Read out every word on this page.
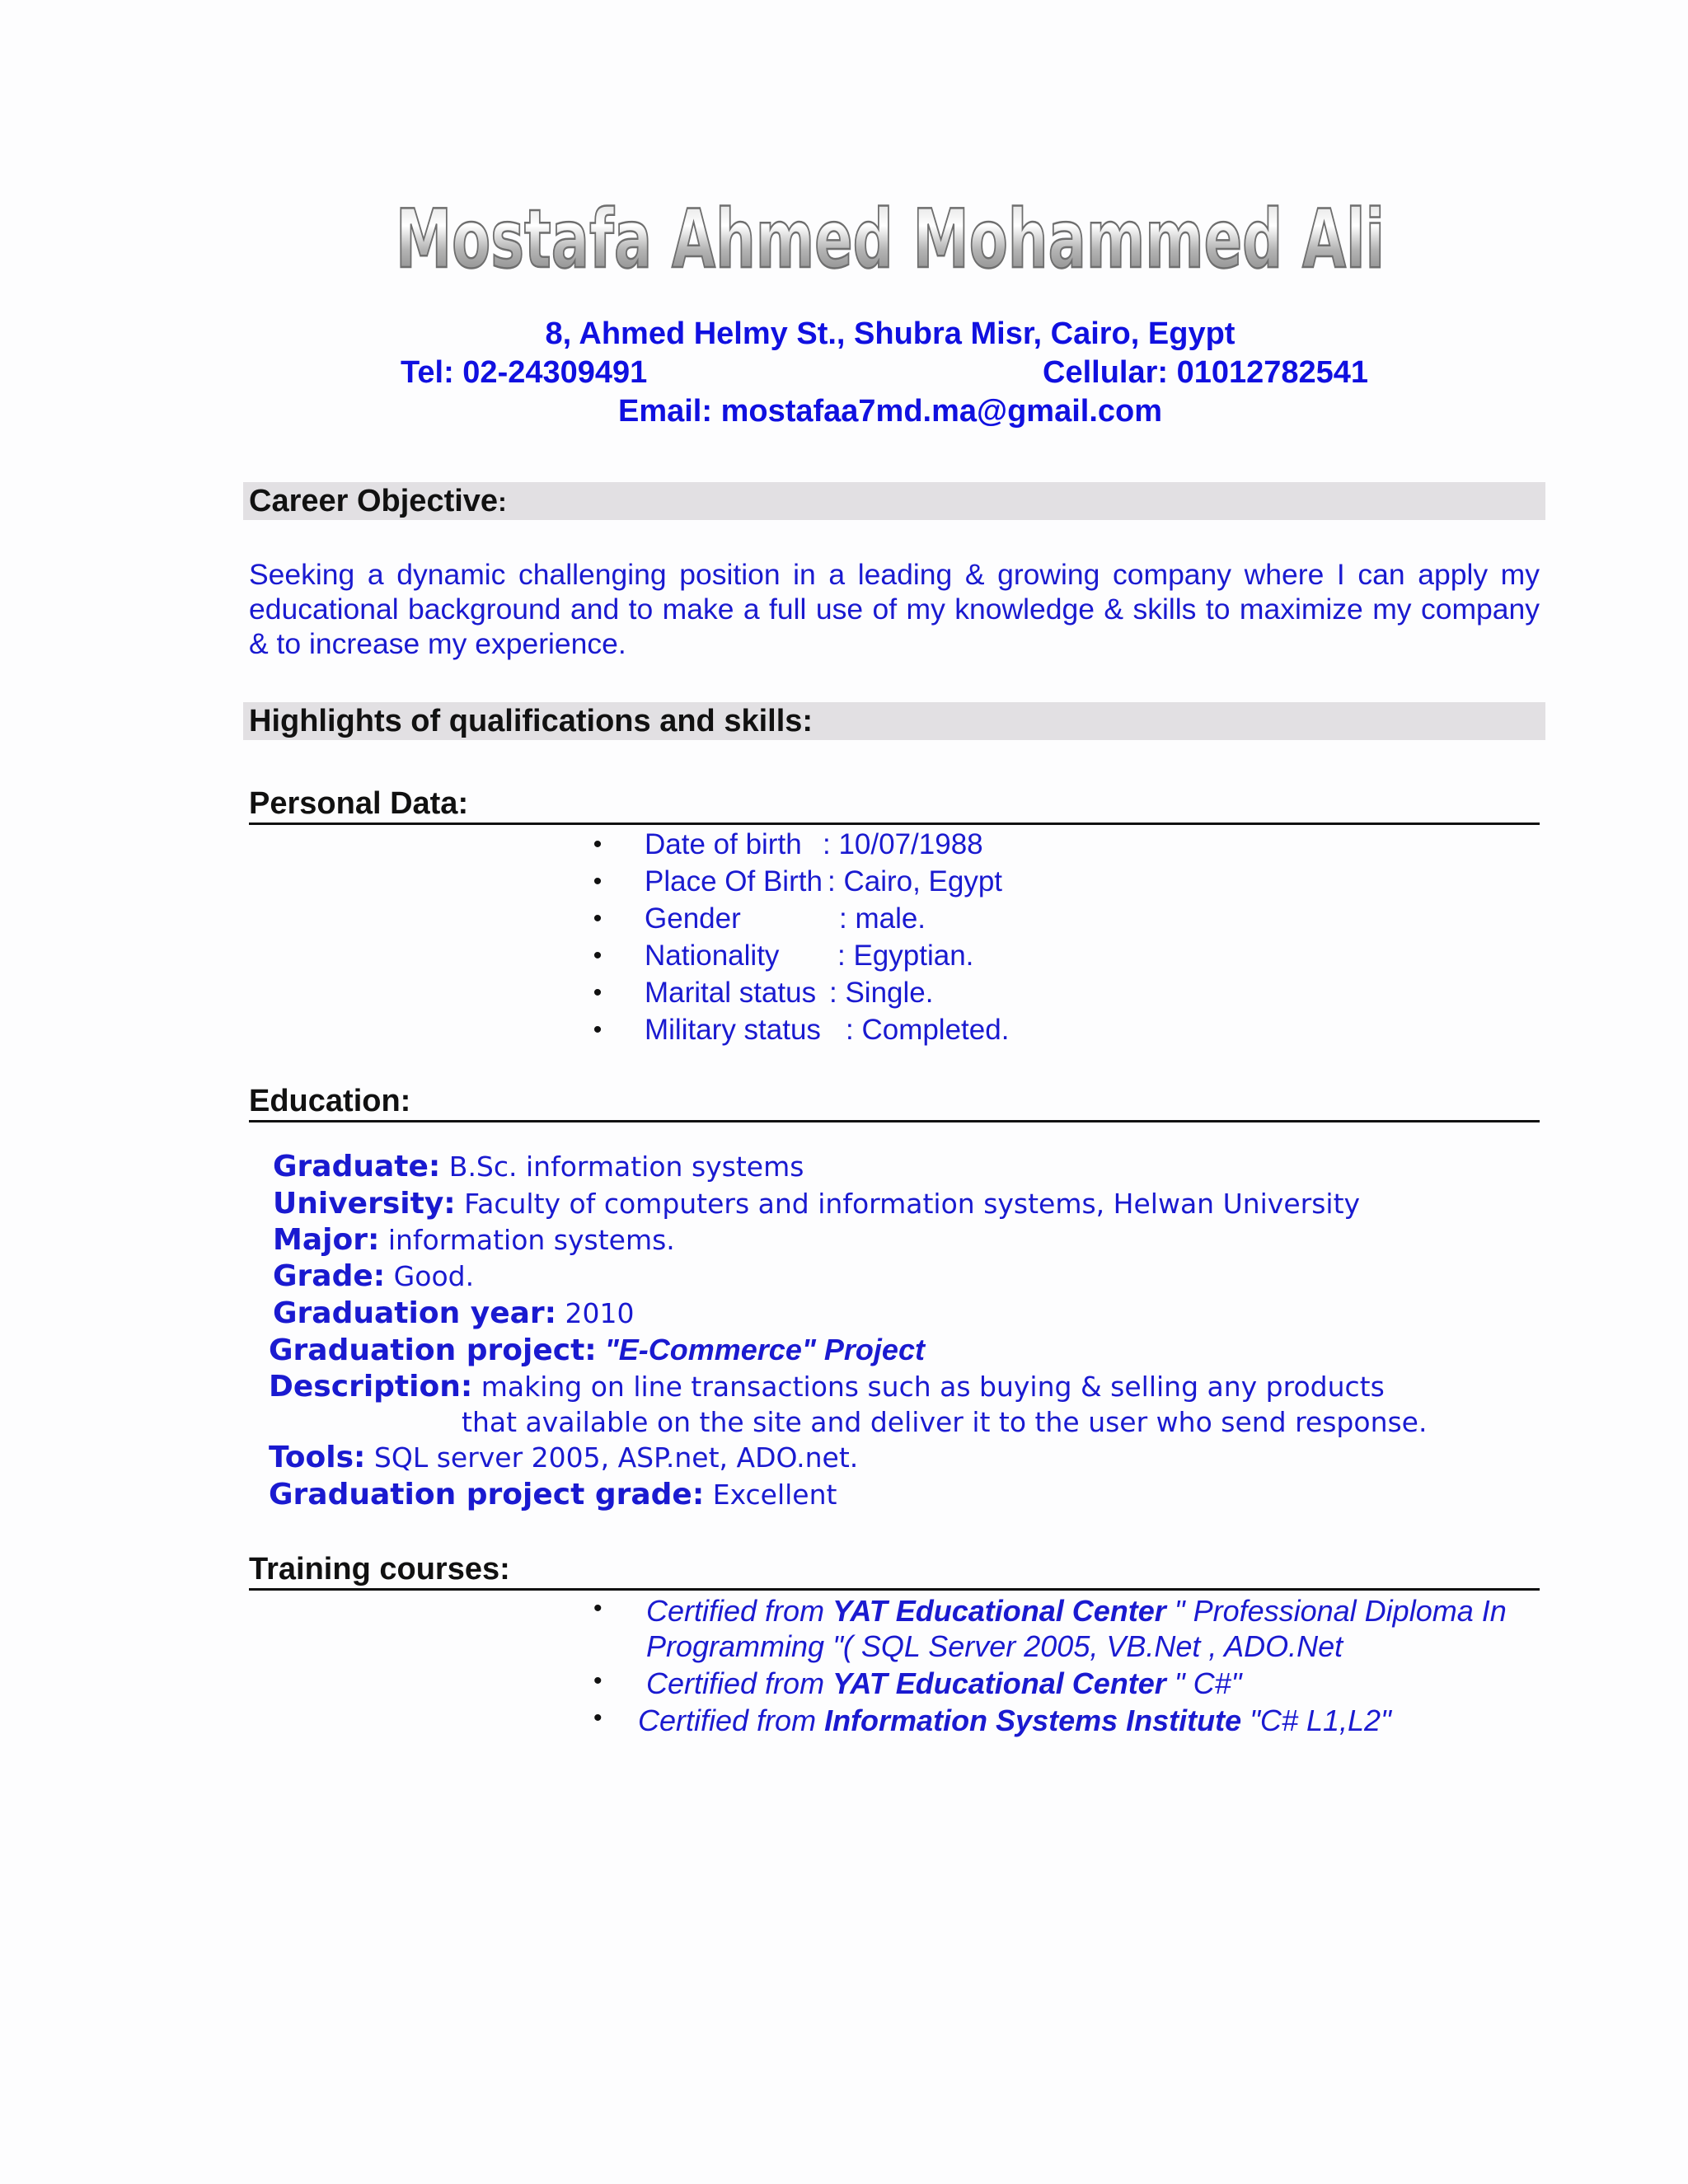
Mostafa Ahmed Mohammed Ali
8, Ahmed Helmy St., Shubra Misr, Cairo, Egypt
Tel: 02-24309491	Cellular: 01012782541
Email: mostafaa7md.ma@gmail.com
Career Objective:

Seeking a dynamic challenging position in a leading & growing company where I can apply my educational background and to make a full use of my knowledge & skills to maximize my company & to increase my experience.

Highlights of qualifications and skills:
Personal Data:
• Date of birth : 10/07/1988
• Place Of Birth : Cairo, Egypt
• Gender	: male.
• Nationality : Egyptian.
• Marital status : Single.
• Military status : Completed.
Education:
Graduate: B.Sc. information systems
University: Faculty of computers and information systems, Helwan University
Major: information systems.
Grade: Good.
Graduation year: 2010
Graduation project: "E-Commerce" Project
Description: making on line transactions such as buying & selling any products
that available on the site and deliver it to the user who send response.
Tools: SQL server 2005, ASP.net, ADO.net.
Graduation project grade: Excellent
Training courses:
• Certified from YAT Educational Center " Professional Diploma In
Programming "( SQL Server 2005, VB.Net , ADO.Net
• Certified from YAT Educational Center " C#"
• Certified from Information Systems Institute "C# L1,L2"
